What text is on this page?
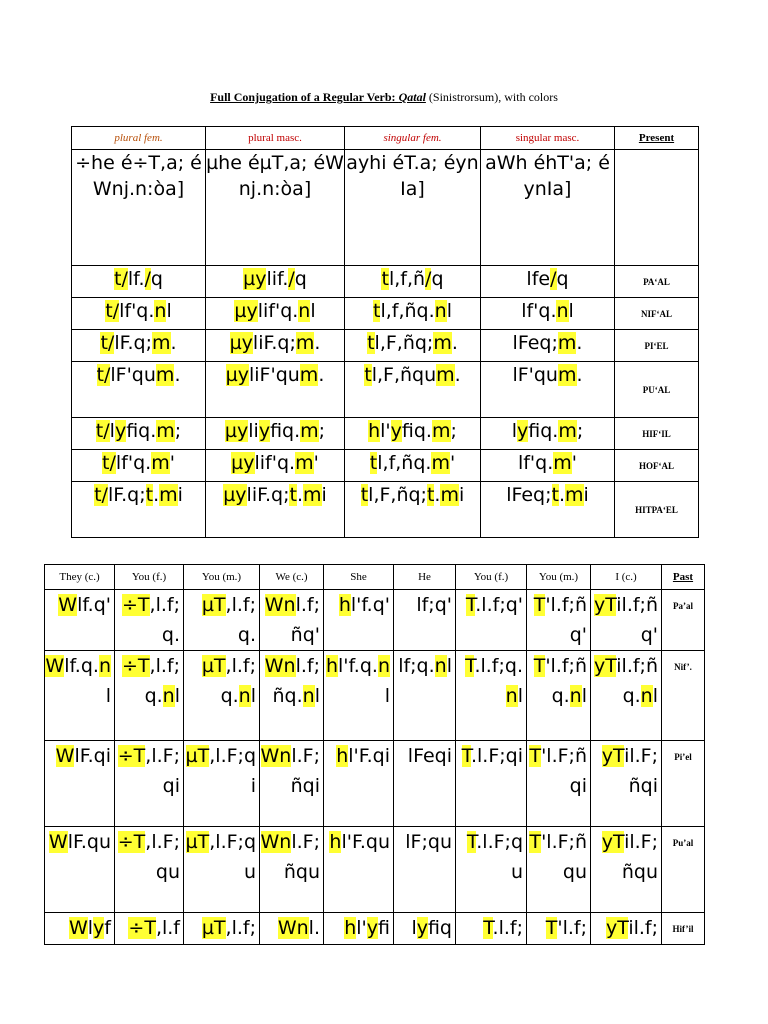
Full Conjugation of a Regular Verb: Qatal (Sinistrorsum), with colors
plural fem.	plural masc.	singular fem.	singular masc.	Present
÷he é÷T,a; éWnj.n:òa]	µhe éµT,a; éWnj.n:òa]	ayhi éT.a; éynIa]	aWh éhT'a; éynIa]	
t/lf./q	µylif./q	tl,f,ñ/q	lfe/q	PA‘AL
t/lf'q.nl	µylif'q.nl	tl,f,ñq.nl	lf'q.nl	NIF‘AL
t/lF.q;m.	µyliF.q;m.	tl,F,ñq;m.	lFeq;m.	PI‘EL
t/lF'qum.	µyliF'qum.	tl,F,ñqum.	lF'qum.	PU‘AL
t/lyfiq.m;	µyliyfiq.m;	hl'yfiq.m;	lyfiq.m;	HIF‘IL
t/lf'q.m'	µylif'q.m'	tl,f,ñq.m'	lf'q.m'	HOF‘AL
t/lF.q;t.mi	µyliF.q;t.mi	tl,F,ñq;t.mi	lFeq;t.mi	HITPA‘EL
They (c.)	You (f.)	You (m.)	We (c.)	She	He	You (f.)	You (m.)	I (c.)	Past
Wlf.q'	÷T,l.f;q.	µT,l.f;q.	Wnl.f;ñq'	hl'f.q'	lf;q'	T.l.f;q'	T'l.f;ñq'	yTil.f;ñq'	Pa’al
Wlf.q.nl	÷T,l.f;q.nl	µT,l.f;q.nl	Wnl.f;ñq.nl	hl'f.q.nl	lf;q.nl	T.l.f;q.nl	T'l.f;ñq.nl	yTil.f;ñq.nl	Nif’.
WlF.qi	÷T,l.F;qi	µT,l.F;qi	Wnl.F;ñqi	hl'F.qi	lFeqi	T.l.F;qi	T'l.F;ñqi	yTil.F;ñqi	Pi’el
WlF.qu	÷T,l.F;qu	µT,l.F;qu	Wnl.F;ñqu	hl'F.qu	lF;qu	T.l.F;qu	T'l.F;ñqu	yTil.F;ñqu	Pu’al
Wlyf	÷T,l.f	µT,l.f;	Wnl.	hl'yfi	lyfiq	T.l.f;	T'l.f;	yTil.f;	Hif’il
